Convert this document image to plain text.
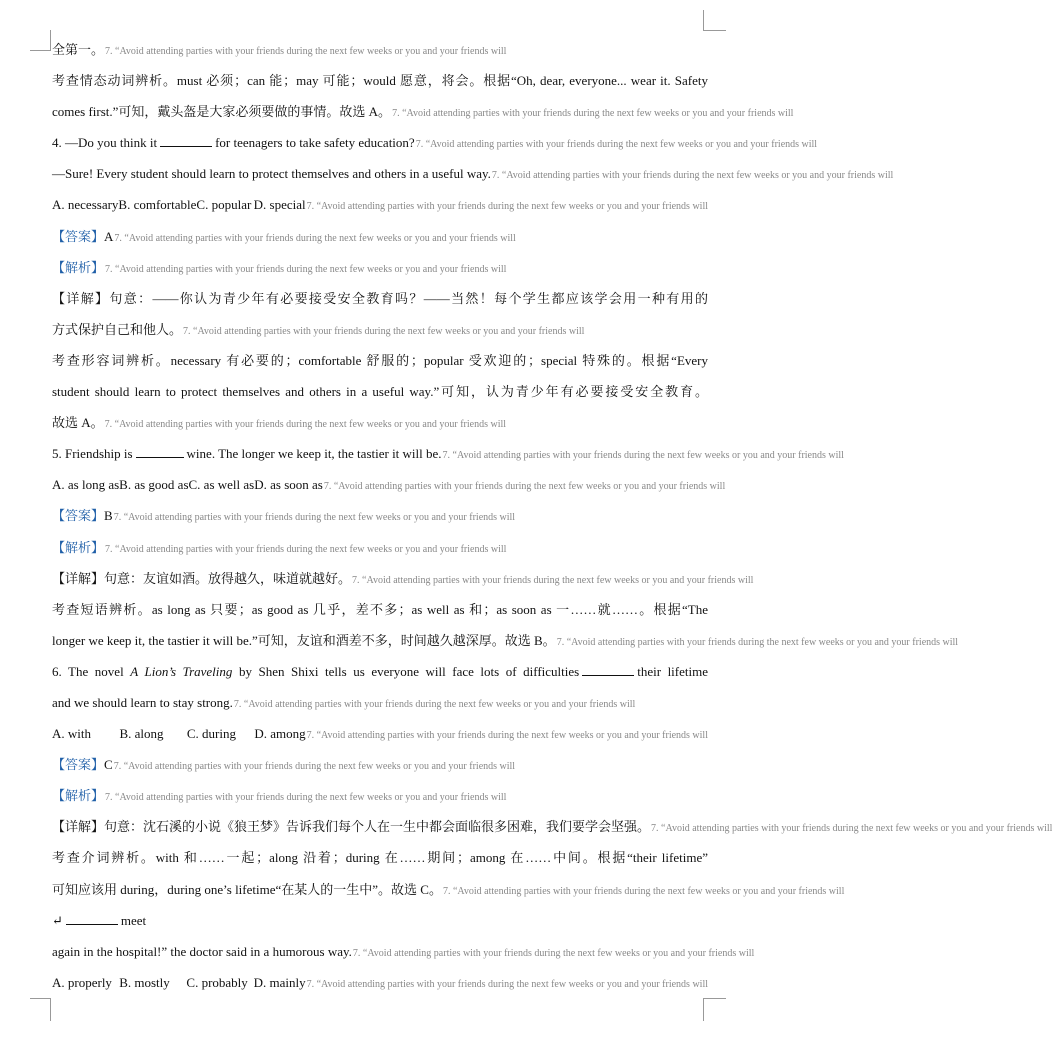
全第一。7. “Avoid attending parties with your friends during the next few weeks or you and your friends will
考查情态动词辨析。must 必须；can 能；may 可能；would 愿意，将会。根据“Oh, dear, everyone... wear it. Safety
comes first.”可知，戴头盔是大家必须要做的事情。故选 A。7. “Avoid attending parties with your friends during the next few weeks or you and your friends will
4. —Do you think it	for teenagers to take safety education?7. “Avoid attending parties with your friends during the next few weeks or you and your friends will
—Sure! Every student should learn to protect themselves and others in a useful way.7. “Avoid attending parties with your friends during the next few weeks or you and your friends will
A. necessary B. comfortable C. popular D. special7. “Avoid attending parties with your friends during the next few weeks or you and your friends will
【答案】A7. “Avoid attending parties with your friends during the next few weeks or you and your friends will
【解析】7. “Avoid attending parties with your friends during the next few weeks or you and your friends will
【详解】句意：——你认为青少年有必要接受安全教育吗？——当然！每个学生都应该学会用一种有用的
方式保护自己和他人。7. “Avoid attending parties with your friends during the next few weeks or you and your friends will
考查形容词辨析。necessary 有必要的；comfortable 舒服的；popular 受欢迎的；special 特殊的。根据“Every
student should learn to protect themselves and others in a useful way.”可知，认为青少年有必要接受安全教育。
故选 A。7. “Avoid attending parties with your friends during the next few weeks or you and your friends will
5. Friendship is	wine. The longer we keep it, the tastier it will be.7. “Avoid attending parties with your friends during the next few weeks or you and your friends will
A. as long as B. as good as C. as well as D. as soon as7. “Avoid attending parties with your friends during the next few weeks or you and your friends will
【答案】B7. “Avoid attending parties with your friends during the next few weeks or you and your friends will
【解析】7. “Avoid attending parties with your friends during the next few weeks or you and your friends will
【详解】句意：友谊如酒。放得越久，味道就越好。7. “Avoid attending parties with your friends during the next few weeks or you and your friends will
考查短语辨析。as long as 只要；as good as 几乎，差不多；as well as 和；as soon as 一……就……。根据“The
longer we keep it, the tastier it will be.”可知，友谊和酒差不多，时间越久越深厚。故选 B。7. “Avoid attending parties with your friends during the next few weeks or you and your friends will
6. The novel A Lion’s Traveling by Shen Shixi tells us everyone will face lots of difficulties	their lifetime
and we should learn to stay strong.7. “Avoid attending parties with your friends during the next few weeks or you and your friends will
A. with	B. along	C. during	D. among7. “Avoid attending parties with your friends during the next few weeks or you and your friends will
【答案】C7. “Avoid attending parties with your friends during the next few weeks or you and your friends will
【解析】7. “Avoid attending parties with your friends during the next few weeks or you and your friends will
【详解】句意：沈石溪的小说《狼王梦》告诉我们每个人在一生中都会面临很多困难，我们要学会坚强。7. “Avoid attending parties with your friends during the next few weeks or you and your friends will
考查介词辨析。with 和……一起；along 沿着；during 在……期间；among 在……中间。根据“their lifetime”
可知应该用 during，during one’s lifetime“在某人的一生中”。故选 C。7. “Avoid attending parties with your friends during the next few weeks or you and your friends will
↵	meet
again in the hospital!” the doctor said in a humorous way.7. “Avoid attending parties with your friends during the next few weeks or you and your friends will
A. properly B. mostly	C. probably D. mainly7. “Avoid attending parties with your friends during the next few weeks or you and your friends will
